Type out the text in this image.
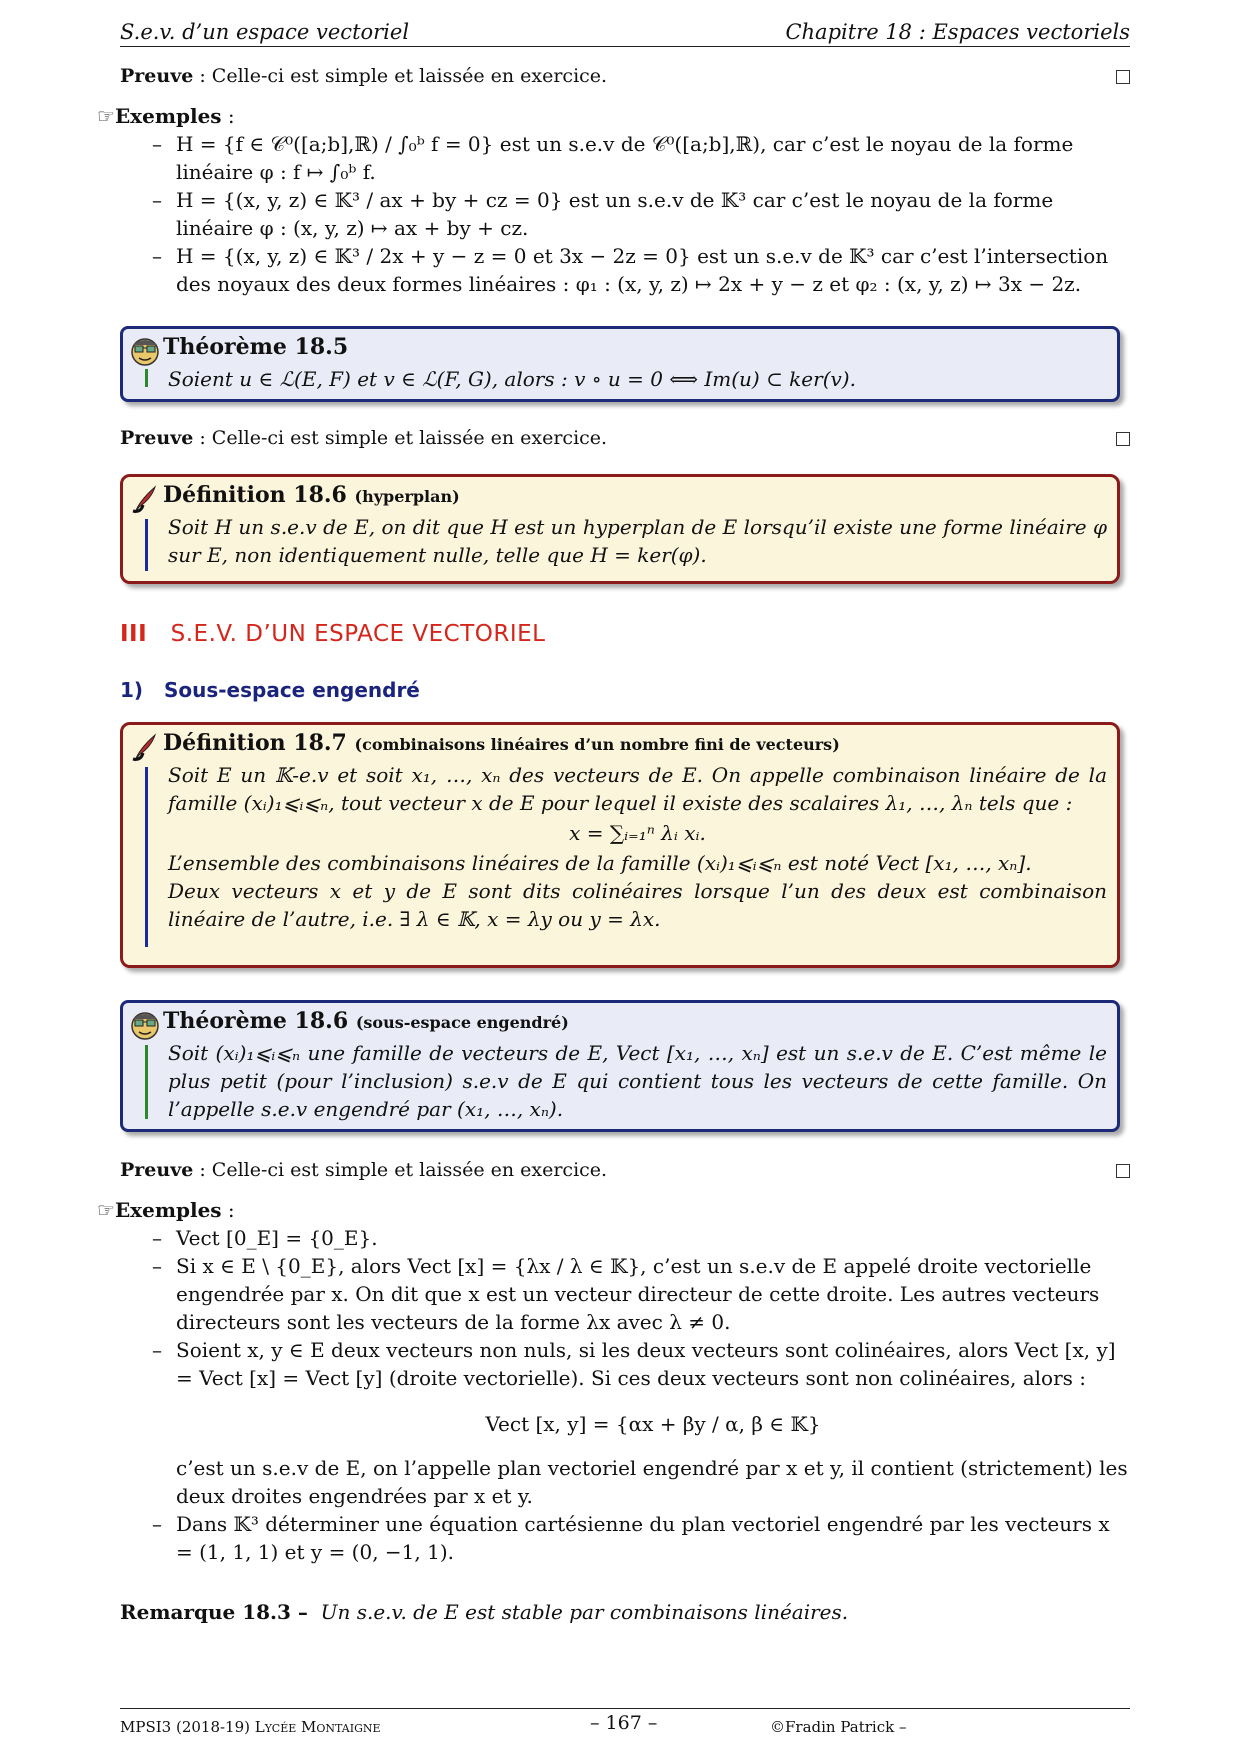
S.e.v. d’un espace vectoriel	Chapitre 18 : Espaces vectoriels
Preuve : Celle-ci est simple et laissée en exercice.
☞Exemples :
– H = {f ∈ 𝒞⁰([a;b],ℝ) / ∫₀ᵇ f = 0} est un s.e.v de 𝒞⁰([a;b],ℝ), car c’est le noyau de la forme linéaire φ : f ↦ ∫₀ᵇ f.
– H = {(x, y, z) ∈ 𝕂³ / ax + by + cz = 0} est un s.e.v de 𝕂³ car c’est le noyau de la forme linéaire φ : (x, y, z) ↦ ax + by + cz.
– H = {(x, y, z) ∈ 𝕂³ / 2x + y − z = 0 et 3x − 2z = 0} est un s.e.v de 𝕂³ car c’est l’intersection des noyaux des deux formes linéaires : φ₁ : (x, y, z) ↦ 2x + y − z et φ₂ : (x, y, z) ↦ 3x − 2z.
Théorème 18.5
Soient u ∈ ℒ(E, F) et v ∈ ℒ(F, G), alors : v ∘ u = 0 ⟺ Im(u) ⊂ ker(v).
Preuve : Celle-ci est simple et laissée en exercice.
Définition 18.6 (hyperplan)
Soit H un s.e.v de E, on dit que H est un hyperplan de E lorsqu’il existe une forme linéaire φ sur E, non identiquement nulle, telle que H = ker(φ).
III S.E.V. D’UN ESPACE VECTORIEL
1) Sous-espace engendré
Définition 18.7 (combinaisons linéaires d’un nombre fini de vecteurs)
Soit E un 𝕂-e.v et soit x₁, …, xₙ des vecteurs de E. On appelle combinaison linéaire de la famille (xᵢ)₁⩽ᵢ⩽ₙ, tout vecteur x de E pour lequel il existe des scalaires λ₁, …, λₙ tels que :
x = ∑ᵢ₌₁ⁿ λᵢ xᵢ.
L’ensemble des combinaisons linéaires de la famille (xᵢ)₁⩽ᵢ⩽ₙ est noté Vect [x₁, …, xₙ].
Deux vecteurs x et y de E sont dits colinéaires lorsque l’un des deux est combinaison linéaire de l’autre, i.e. ∃ λ ∈ 𝕂, x = λy ou y = λx.
Théorème 18.6 (sous-espace engendré)
Soit (xᵢ)₁⩽ᵢ⩽ₙ une famille de vecteurs de E, Vect [x₁, …, xₙ] est un s.e.v de E. C’est même le plus petit (pour l’inclusion) s.e.v de E qui contient tous les vecteurs de cette famille. On l’appelle s.e.v engendré par (x₁, …, xₙ).
Preuve : Celle-ci est simple et laissée en exercice.
☞Exemples :
– Vect [0_E] = {0_E}.
– Si x ∈ E \ {0_E}, alors Vect [x] = {λx / λ ∈ 𝕂}, c’est un s.e.v de E appelé droite vectorielle engendrée par x. On dit que x est un vecteur directeur de cette droite. Les autres vecteurs directeurs sont les vecteurs de la forme λx avec λ ≠ 0.
– Soient x, y ∈ E deux vecteurs non nuls, si les deux vecteurs sont colinéaires, alors Vect [x, y] = Vect [x] = Vect [y] (droite vectorielle). Si ces deux vecteurs sont non colinéaires, alors :
Vect [x, y] = {αx + βy / α, β ∈ 𝕂}
c’est un s.e.v de E, on l’appelle plan vectoriel engendré par x et y, il contient (strictement) les deux droites engendrées par x et y.
– Dans 𝕂³ déterminer une équation cartésienne du plan vectoriel engendré par les vecteurs x = (1, 1, 1) et y = (0, −1, 1).
Remarque 18.3 – Un s.e.v. de E est stable par combinaisons linéaires.
MPSI3 (2018-19) Lycée Montaigne	– 167 –	©Fradin Patrick –
